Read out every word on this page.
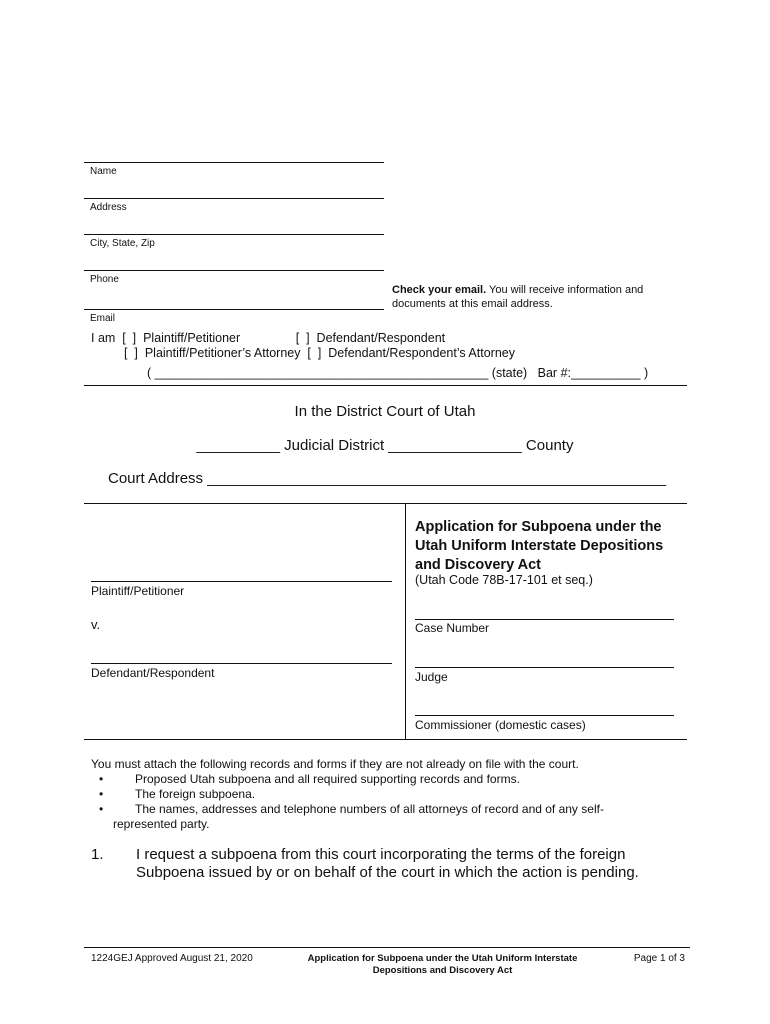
Name
Address
City, State, Zip
Phone
Email
Check your email. You will receive information and documents at this email address.
I am  [  ]  Plaintiff/Petitioner                [  ]  Defendant/Respondent
[  ]  Plaintiff/Petitioner’s Attorney  [  ]  Defendant/Respondent’s Attorney
( ________________________________________________ (state)   Bar #:__________ )
In the District Court of Utah
__________ Judicial District ________________ County
Court Address _______________________________________________________
Plaintiff/Petitioner
v.
Defendant/Respondent
Application for Subpoena under the Utah Uniform Interstate Depositions and Discovery Act
(Utah Code 78B-17-101 et seq.)
Case Number
Judge
Commissioner (domestic cases)
You must attach the following records and forms if they are not already on file with the court.
•	Proposed Utah subpoena and all required supporting records and forms.
•	The foreign subpoena.
•	The names, addresses and telephone numbers of all attorneys of record and of any self-
represented party.
1. I request a subpoena from this court incorporating the terms of the foreign Subpoena issued by or on behalf of the court in which the action is pending.
1224GEJ Approved August 21, 2020	Application for Subpoena under the Utah Uniform Interstate Depositions and Discovery Act
Page 1 of 3
